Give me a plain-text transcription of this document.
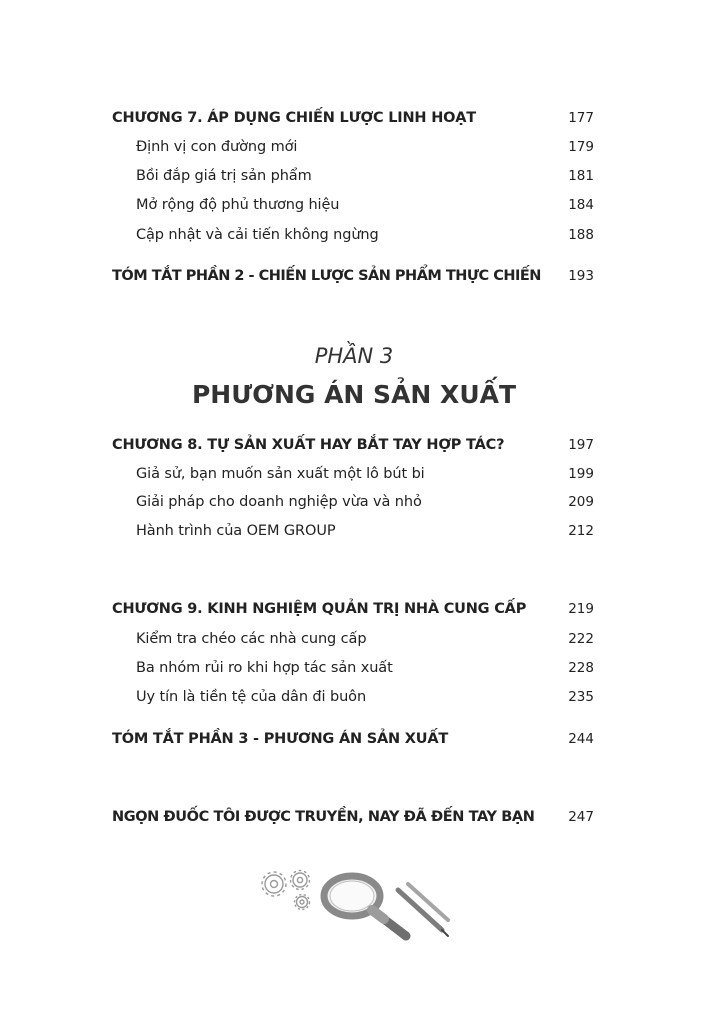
CHƯƠNG 7. ÁP DỤNG CHIẾN LƯỢC LINH HOẠT	177
Định vị con đường mới	179
Bồi đắp giá trị sản phẩm	181
Mở rộng độ phủ thương hiệu	184
Cập nhật và cải tiến không ngừng	188
TÓM TẮT PHẦN 2 - CHIẾN LƯỢC SẢN PHẨM THỰC CHIẾN 193
PHẦN 3
PHƯƠNG ÁN SẢN XUẤT
CHƯƠNG 8. TỰ SẢN XUẤT HAY BẮT TAY HỢP TÁC?	197
Giả sử, bạn muốn sản xuất một lô bút bi	199
Giải pháp cho doanh nghiệp vừa và nhỏ	209
Hành trình của OEM GROUP	212
CHƯƠNG 9. KINH NGHIỆM QUẢN TRỊ NHÀ CUNG CẤP	219
Kiểm tra chéo các nhà cung cấp	222
Ba nhóm rủi ro khi hợp tác sản xuất	228
Uy tín là tiền tệ của dân đi buôn	235
TÓM TẮT PHẦN 3 - PHƯƠNG ÁN SẢN XUẤT	244
NGỌN ĐUỐC TÔI ĐƯỢC TRUYỀN, NAY ĐÃ ĐẾN TAY BẠN	247
